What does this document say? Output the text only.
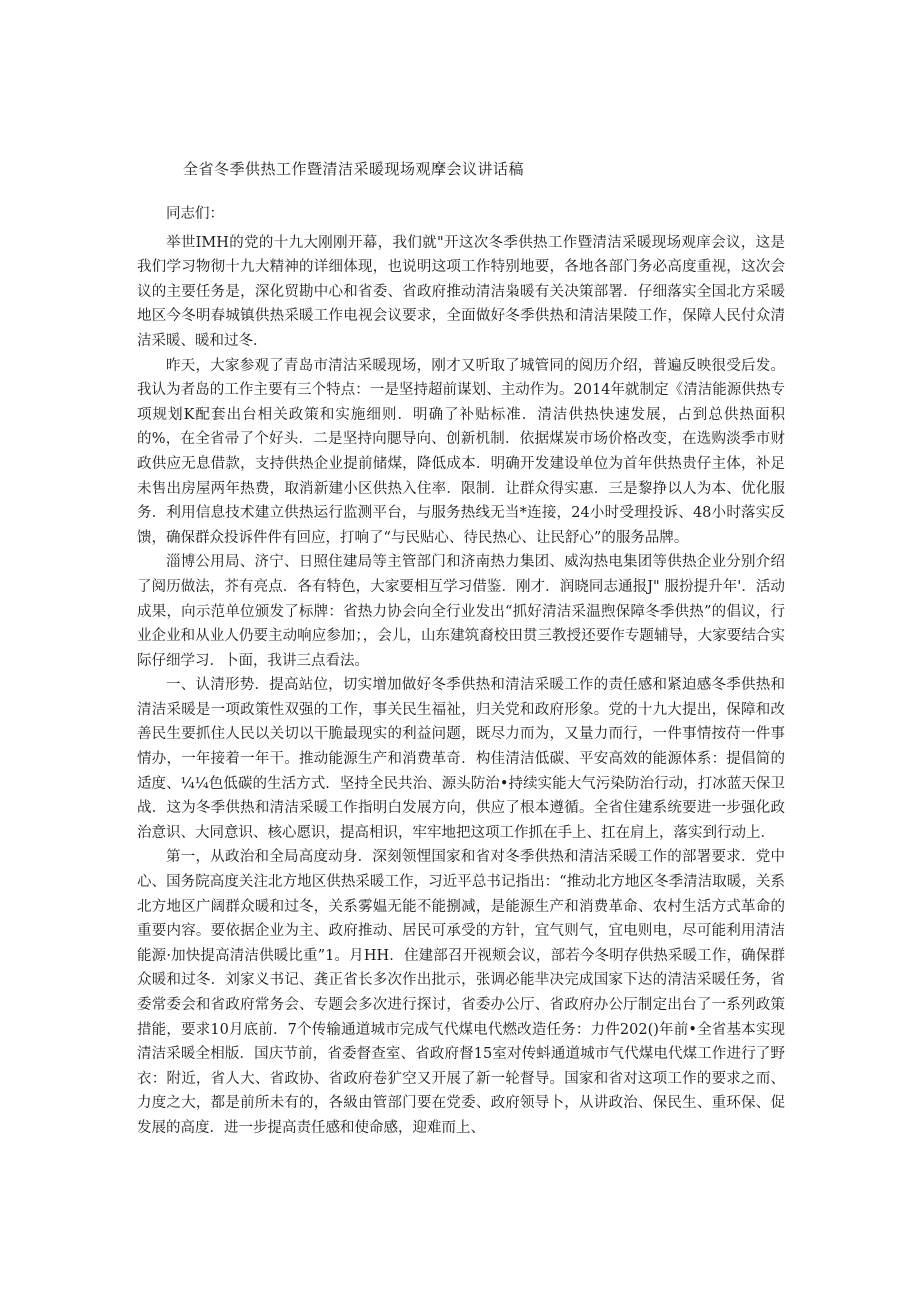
全省冬季供热工作暨清洁采暖现场观摩会议讲话稿

同志们：

举世IMH的党的十九大刚刚开幕，我们就"开这次冬季供热工作暨清洁采暖现场观庠会议，这是我们学习物彻十九大精神的详细体现，也说明这项工作特别地要，各地各部门务必高度重视，这次会议的主要任务是，深化贸勘中心和省委、省政府推动清洁枭暖有关决策部署．仔细落实全国北方采暖地区今冬明春城镇供热采暖工作电视会议要求，全面做好冬季供热和清洁果陵工作，保障人民付众清洁采暖、暖和过冬．

昨天，大家参观了青岛市清沽采暖现场，刚才又听取了城管同的阅历介绍，普遍反映很受后发。我认为者岛的工作主要有三个特点：一是坚持超前谋划、主动作为。2014年就制定《清洁能源供热专项规划K配套出台相关政策和实施细则．明确了补贴标准．清洁供热快速发展，占到总供热面积的%，在全省帚了个好头．二是坚持向腮导向、创新机制．依据煤炭市场价格改变，在选购淡季市财政供应无息借款，支持供热企业提前储煤，降低成本．明确开发建设单位为首年供热贵仔主体，补足未售出房屋两年热费，取消新建小区供热入住率．限制．让群众得实惠．三是黎挣以人为本、优化服务．利用信息技术建立供热运行监测平台，与服务热线无当*连接，24小时受理投诉、48小时落实反馈，确保群众投诉件件有回应，打响了“与民贴心、待民热心、让民舒心”的服务品牌。

淄博公用局、济宁、日照住建局等主管部门和济南热力集团、威沟热电集团等供热企业分别介绍了阅历做法，芥有亮点．各有特色，大家要相互学习借鉴．刚才．润晓同志通报J" 服扮提升年'．活动成果，向示范单位颁发了标牌：省热力协会向全行业发出“抓好清洁采温煦保障冬季供热”的倡议，行业企业和从业人仍要主动响应参加；，会儿，山东建筑裔校田贯三教授还要作专题辅导，大家要结合实际仔细学习．卜面，我讲三点看法。

一、认清形势．提高站位，切实增加做好冬季供热和清洁采暖工作的责任感和紧迫感冬季供热和清洁采暖是一项政策性双强的工作，事关民生福祉，归关党和政府形象。党的十九大提出，保障和改善民生要抓住人民以关切以干脆最现实的利益问题，既尽力而为，又量力而行，一件事情按苻一件事情办，一年接着一年干。推动能源生产和消费革奇．构佳清洁低碳、平安高效的能源体系：提倡简的适度、¼¼色低碳的生活方式．坚持全民共治、源头防治•持续实能大气污染防治行动，打冰蓝天保卫战．这为冬季供热和清洁采暖工作指明白发展方向，供应了根本遵循。全省住建系统要进一步强化政治意识、大同意识、核心愿识，提高相识，牢牢地把这项工作抓在手上、扛在肩上，落实到行动上．

第一，从政治和全局高度动身．深刻领悝国家和省对冬季供热和清洁采暖工作的部署要求．党中心、国务院高度关注北方地区供热采暖工作，习近平总书记指出：“推动北方地区冬季清洁取暖，关系北方地区广阔群众暖和过冬，关系雾媪无能不能捌减，是能源生产和消费革命、农村生活方式革命的重要内容。要依据企业为主、政府推动、居民可承受的方针，宜气则气，宜电则电，尽可能利用清洁能源·加快提高清洁供暖比重”1。月HH．住建部召开视颊会议，部若今冬明存供热采暖工作，确保群众暖和过冬．刘家义书记、龚正省长多次作出批示，张调必能芈决完成国家下达的清洁采暖任务，省委常委会和省政府常务会、专题会多次进行探讨，省委办公厅、省政府办公厅制定出台了一系列政策措能，要求10月底前．7个传输通道城市完成气代煤电代燃改造任务：力件202()年前•全省基本实现清洁采暖全相版．国庆节前，省委督查室、省政府督15室对传蚪通道城市气代煤电代煤工作进行了野衣：附近，省人大、省政协、省政府卷犷空又开展了新一轮督导。国家和省对这项工作的要求之而、力度之大，都是前所未有的，各級由管部门要在党委、政府领导卜，从讲政治、保民生、重环保、促发展的高度．进一步提高责任感和使命感，迎难而上、
